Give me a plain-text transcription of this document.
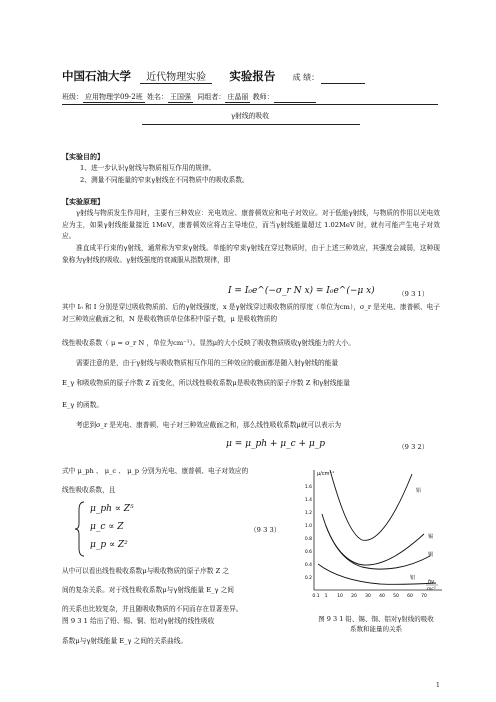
中国石油大学 近代物理实验 实验报告 成 绩：
班级： 应用物理学09-2班 姓名： 王国强 同组者： 庄晶丽 教师：
γ射线的吸收
【实验目的】
1、进一步认识γ射线与物质相互作用的规律。
2、测量不同能量的窄束γ射线在不同物质中的吸收系数。
【实验原理】
γ射线与物质发生作用时，主要有三种效应：光电效应、康普顿效应和电子对效应。对于低能γ射线，与物质的作用以光电效应为主，如果γ射线能量接近 1MeV，康普顿效应将占主导地位，而当γ射线能量超过 1.02MeV 时，就有可能产生电子对效应。
准直成平行束的γ射线，通常称为窄束γ射线。单能的窄束γ射线在穿过物质时，由于上述三种效应，其强度会减弱，这种现象称为γ射线的吸收。γ射线强度的衰减服从指数规律，即
I = I₀e^(−σ_r N x) = I₀e^(−μ x)	（9 3 1）
其中 I₀ 和 I 分别是穿过吸收物质前、后的γ射线强度，x 是γ射线穿过吸收物质的厚度（单位为cm），σ_r 是光电、康普顿、电子对三种效应截面之和，N 是吸收物质单位体积中原子数，μ 是吸收物质的
线性吸收系数（ μ = σ_r N ，单位为cm⁻¹）。显然μ的大小反映了吸收物质吸收γ射线能力的大小。
需要注意的是，由于γ射线与吸收物质相互作用的三种效应的截面都是随入射γ射线的能量
E_γ 和吸收物质的原子序数 Z 而变化，所以线性吸收系数μ是吸收物质的原子序数 Z 和γ射线能量
E_γ 的函数。
考虑到σ_r 是光电、康普顿、电子对三种效应截面之和，那么线性吸收系数μ就可以表示为
μ = μ_ph + μ_c + μ_p	（9 3 2）
式中 μ_ph 、 μ_c 、 μ_p 分别为光电、康普顿、电子对效应的
线性吸收系数，且
μ_ph ∝ Z⁵
μ_c ∝ Z
μ_p ∝ Z²
（9 3 3）
从中可以看出线性吸收系数μ与吸收物质的原子序数 Z 之
间的复杂关系。对于线性吸收系数μ与γ射线能量 E_γ 之间
的关系也比较复杂，并且随吸收物质的不同而存在显著差异。
图 9 3 1 给出了铅、锡、铜、铝对γ射线的线性吸收
系数μ与γ射线能量 E_γ 之间的关系曲线。
μ/cm⁻¹
hν
mc²
1.6
1.4
1.2
1.0
0.8
0.6
0.4
0.2
0.1 1 10 20 30 40 50 60 70
铅
锡
铜
铝
图 9 3 1 铅、锡、铜、铝对γ射线的吸收
系数和能量的关系
1
